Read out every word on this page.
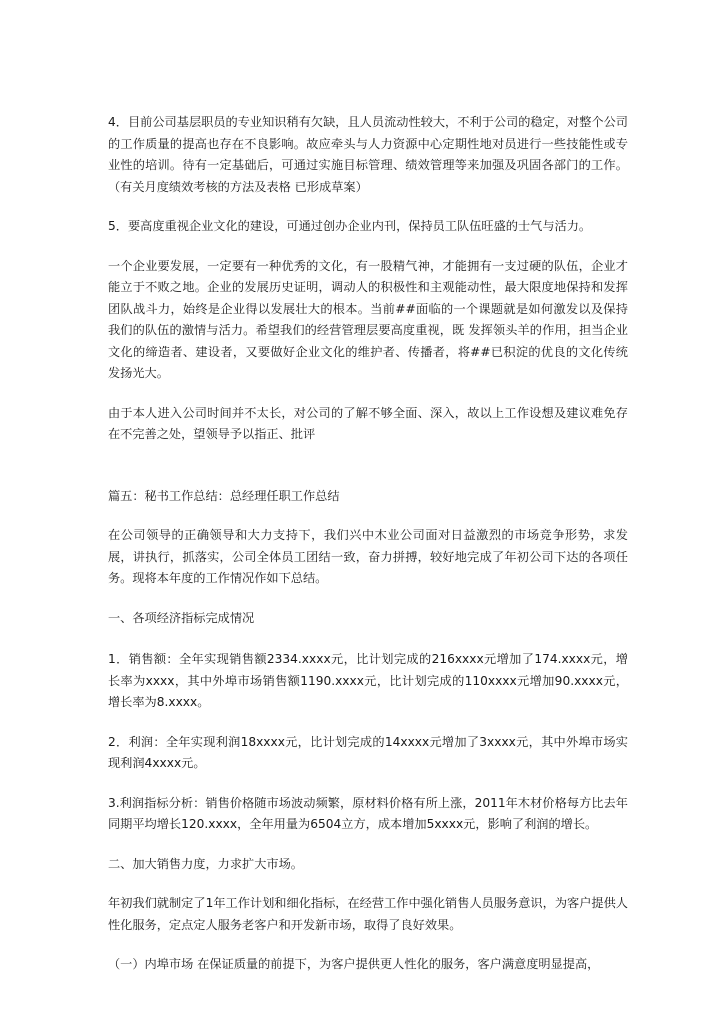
4．目前公司基层职员的专业知识稍有欠缺，且人员流动性较大，不利于公司的稳定，对整个公司的工作质量的提高也存在不良影响。故应牵头与人力资源中心定期性地对员进行一些技能性或专业性的培训。待有一定基础后，可通过实施目标管理、绩效管理等来加强及巩固各部门的工作。（有关月度绩效考核的方法及表格 已形成草案）

5．要高度重视企业文化的建设，可通过创办企业内刊，保持员工队伍旺盛的士气与活力。

一个企业要发展，一定要有一种优秀的文化，有一股精气神，才能拥有一支过硬的队伍，企业才能立于不败之地。企业的发展历史证明，调动人的积极性和主观能动性，最大限度地保持和发挥团队战斗力，始终是企业得以发展壮大的根本。当前##面临的一个课题就是如何激发以及保持我们的队伍的激情与活力。希望我们的经营管理层要高度重视，既 发挥领头羊的作用，担当企业文化的缔造者、建设者，又要做好企业文化的维护者、传播者，将##已积淀的优良的文化传统发扬光大。

由于本人进入公司时间并不太长，对公司的了解不够全面、深入，故以上工作设想及建议难免存在不完善之处，望领导予以指正、批评

篇五：秘书工作总结：总经理任职工作总结

在公司领导的正确领导和大力支持下，我们兴中木业公司面对日益激烈的市场竞争形势，求发展，讲执行，抓落实，公司全体员工团结一致，奋力拼搏，较好地完成了年初公司下达的各项任务。现将本年度的工作情况作如下总结。

一、各项经济指标完成情况

1．销售额：全年实现销售额2334.xxxx元，比计划完成的216xxxx元增加了174.xxxx元，增长率为xxxx，其中外埠市场销售额1190.xxxx元，比计划完成的110xxxx元增加90.xxxx元，增长率为8.xxxx。

2．利润：全年实现利润18xxxx元，比计划完成的14xxxx元增加了3xxxx元，其中外埠市场实现利润4xxxx元。

3.利润指标分析：销售价格随市场波动频繁，原材料价格有所上涨，2011年木材价格每方比去年同期平均增长120.xxxx，全年用量为6504立方，成本增加5xxxx元，影响了利润的增长。

二、加大销售力度，力求扩大市场。

年初我们就制定了1年工作计划和细化指标，在经营工作中强化销售人员服务意识，为客户提供人性化服务，定点定人服务老客户和开发新市场，取得了良好效果。

（一）内埠市场 在保证质量的前提下，为客户提供更人性化的服务，客户满意度明显提高，
